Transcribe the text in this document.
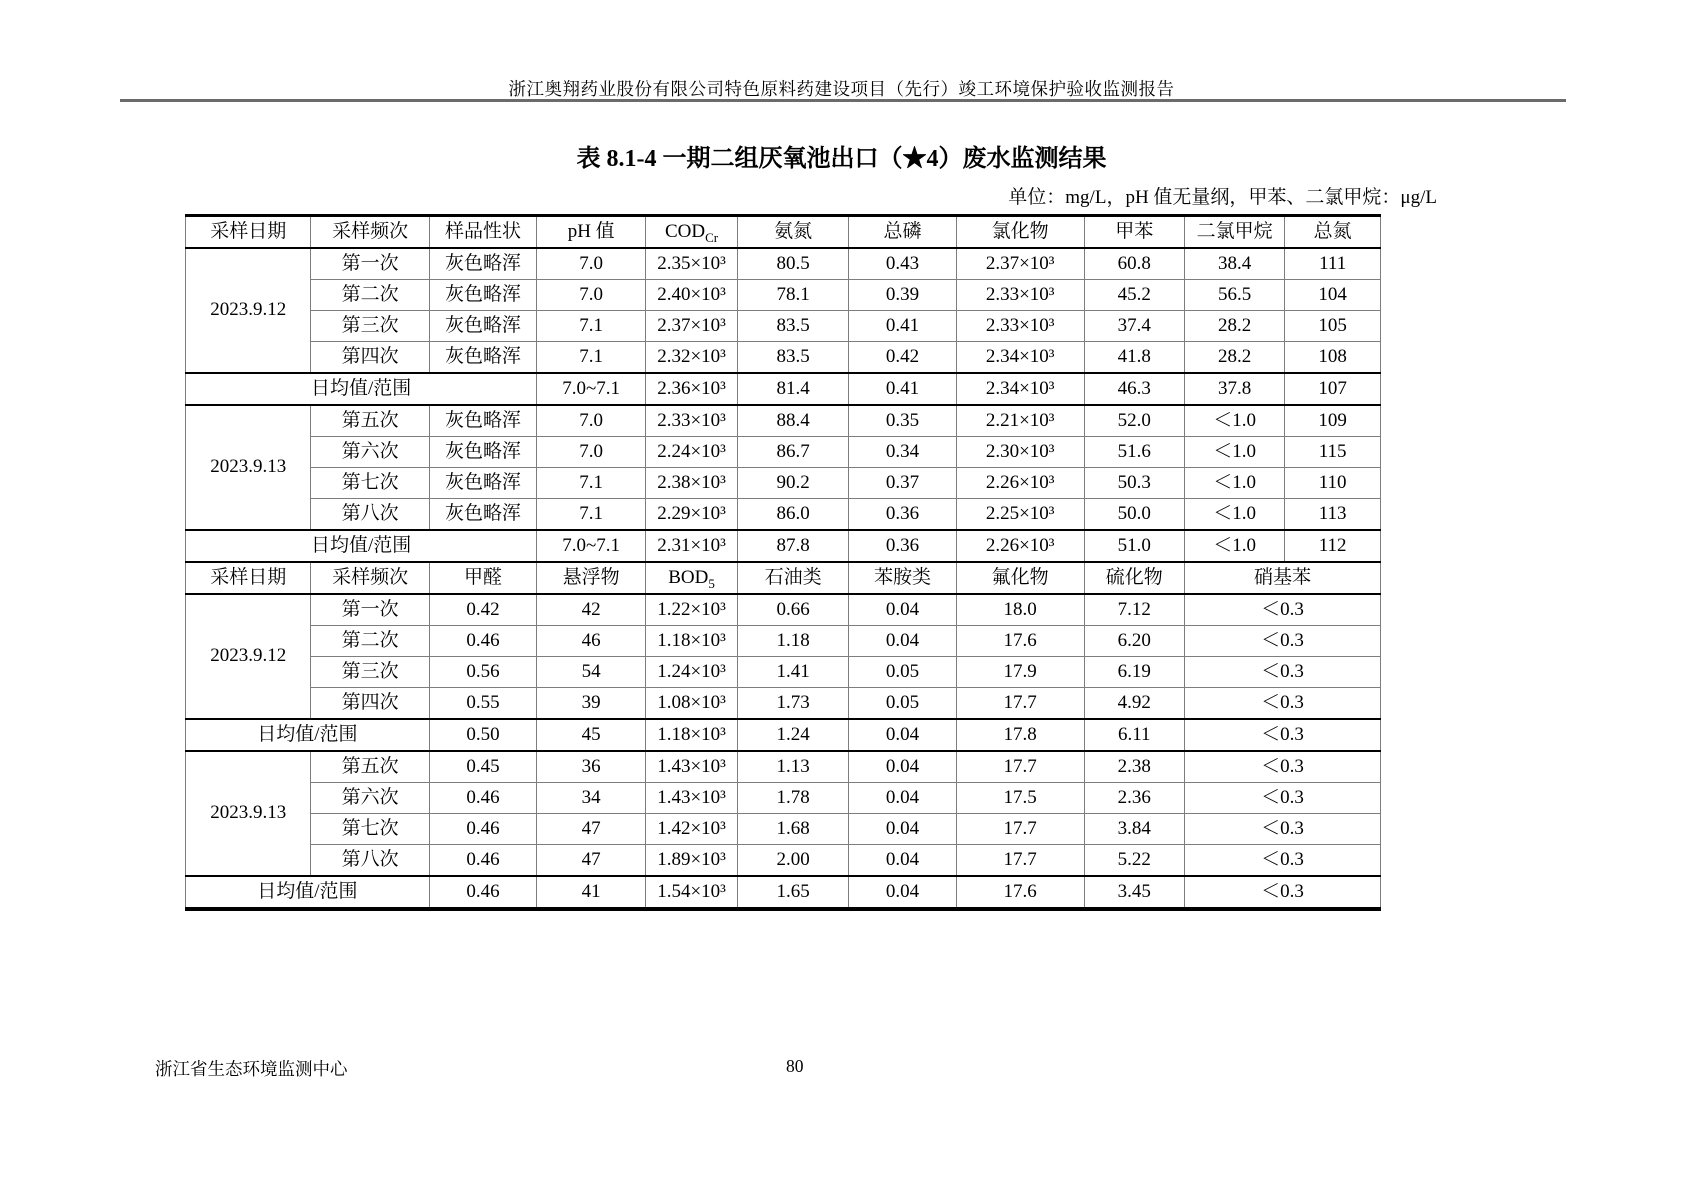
浙江奥翔药业股份有限公司特色原料药建设项目（先行）竣工环境保护验收监测报告
表 8.1-4 一期二组厌氧池出口（★4）废水监测结果
单位：mg/L，pH 值无量纲，甲苯、二氯甲烷：μg/L
采样日期	采样频次	样品性状	pH 值	$COD_{Cr}$	氨氮	总磷	氯化物	甲苯	二氯甲烷	总氮
2023.9.12	第一次	灰色略浑	7.0	2.35×10³	80.5	0.43	2.37×10³	60.8	38.4	111
	第二次	灰色略浑	7.0	2.40×10³	78.1	0.39	2.33×10³	45.2	56.5	104
	第三次	灰色略浑	7.1	2.37×10³	83.5	0.41	2.33×10³	37.4	28.2	105
	第四次	灰色略浑	7.1	2.32×10³	83.5	0.42	2.34×10³	41.8	28.2	108
日均值/范围			7.0~7.1	2.36×10³	81.4	0.41	2.34×10³	46.3	37.8	107
2023.9.13	第五次	灰色略浑	7.0	2.33×10³	88.4	0.35	2.21×10³	52.0	＜1.0	109
	第六次	灰色略浑	7.0	2.24×10³	86.7	0.34	2.30×10³	51.6	＜1.0	115
	第七次	灰色略浑	7.1	2.38×10³	90.2	0.37	2.26×10³	50.3	＜1.0	110
	第八次	灰色略浑	7.1	2.29×10³	86.0	0.36	2.25×10³	50.0	＜1.0	113
日均值/范围			7.0~7.1	2.31×10³	87.8	0.36	2.26×10³	51.0	＜1.0	112
采样日期	采样频次	甲醛	悬浮物	$BOD_5$	石油类	苯胺类	氟化物	硫化物	硝基苯	
2023.9.12	第一次	0.42	42	1.22×10³	0.66	0.04	18.0	7.12	＜0.3	
	第二次	0.46	46	1.18×10³	1.18	0.04	17.6	6.20	＜0.3	
	第三次	0.56	54	1.24×10³	1.41	0.05	17.9	6.19	＜0.3	
	第四次	0.55	39	1.08×10³	1.73	0.05	17.7	4.92	＜0.3	
日均值/范围		0.50	45	1.18×10³	1.24	0.04	17.8	6.11	＜0.3	
2023.9.13	第五次	0.45	36	1.43×10³	1.13	0.04	17.7	2.38	＜0.3	
	第六次	0.46	34	1.43×10³	1.78	0.04	17.5	2.36	＜0.3	
	第七次	0.46	47	1.42×10³	1.68	0.04	17.7	3.84	＜0.3	
	第八次	0.46	47	1.89×10³	2.00	0.04	17.7	5.22	＜0.3	
日均值/范围		0.46	41	1.54×10³	1.65	0.04	17.6	3.45	＜0.3	
浙江省生态环境监测中心	80
